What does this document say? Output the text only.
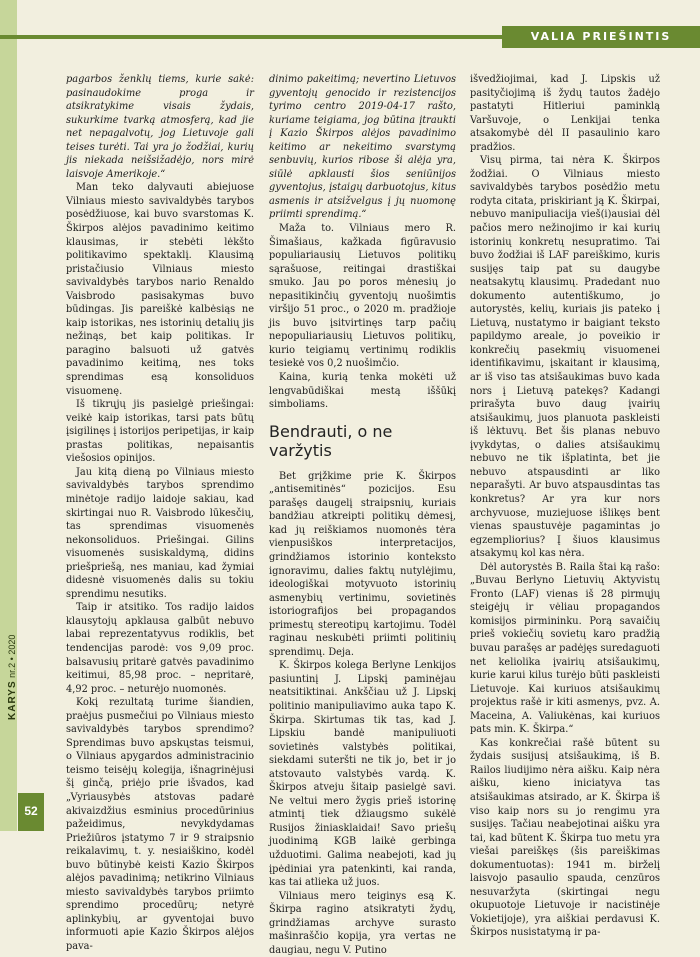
KARYS nr.2 • 2020
VALIA PRIEŠINTIS

pagarbos ženklų tiems, kurie sakė: pasinaudokime proga ir atsikratykime visais žydais, sukurkime tvarką atmosferą, kad jie net nepagalvotų, jog Lietuvoje gali teises turėti. Tai yra jo žodžiai, kurių jis niekada neišsižadėjo, nors mirė laisvoje Amerikoje.“

Man teko dalyvauti abiejuose Vilniaus miesto savivaldybės tarybos posėdžiuose, kai buvo svarstomas K. Škirpos alėjos pavadinimo keitimo klausimas, ir stebėti lėkšto politikavimo spektaklį. Klausimą pristačiusio Vilniaus miesto savivaldybės tarybos nario Renaldo Vaisbrodo pasisakymas buvo būdingas. Jis pareiškė kalbėsiąs ne kaip istorikas, nes istorinių detalių jis nežinąs, bet kaip politikas. Ir paragino balsuoti už gatvės pavadinimo keitimą, nes toks sprendimas esą konsoliduos visuomenę.

Iš tikrųjų jis pasielgė priešingai: veikė kaip istorikas, tarsi pats būtų įsigilinęs į istorijos peripetijas, ir kaip prastas politikas, nepaisantis viešosios opinijos.

Jau kitą dieną po Vilniaus miesto savivaldybės tarybos sprendimo minėtoje radijo laidoje sakiau, kad skirtingai nuo R. Vaisbrodo lūkesčių, tas sprendimas visuomenės nekonsoliduos. Priešingai. Gilins visuomenės susiskaldymą, didins priešpriešą, nes maniau, kad žymiai didesnė visuomenės dalis su tokiu sprendimu nesutiks.

Taip ir atsitiko. Tos radijo laidos klausytojų apklausa galbūt nebuvo labai reprezentatyvus rodiklis, bet tendencijas parodė: vos 9,09 proc. balsavusių pritarė gatvės pavadinimo keitimui, 85,98 proc. – nepritarė, 4,92 proc. – neturėjo nuomonės.

Kokį rezultatą turime šiandien, praėjus pusmečiui po Vilniaus miesto savivaldybės tarybos sprendimo? Sprendimas buvo apskųstas teismui, o Vilniaus apygardos administracinio teismo teisėjų kolegija, išnagrinėjusi šį ginčą, priėjo prie išvados, kad „Vyriausybės atstovas padarė akivaizdžius esminius procedūrinius pažeidimus, nevykdydamas Priežiūros įstatymo 7 ir 9 straipsnio reikalavimų, t. y. nesiaiškino, kodėl buvo būtinybė keisti Kazio Škirpos alėjos pavadinimą; netikrino Vilniaus miesto savivaldybės tarybos priimto sprendimo procedūrų; netyrė aplinkybių, ar gyventojai buvo informuoti apie Kazio Škirpos alėjos pava-

dinimo pakeitimą; nevertino Lietuvos gyventojų genocido ir rezistencijos tyrimo centro 2019-04-17 rašto, kuriame teigiama, jog būtina įtraukti į Kazio Škirpos alėjos pavadinimo keitimo ar nekeitimo svarstymą senbuvių, kurios ribose ši alėja yra, siūlė apklausti šios seniūnijos gyventojus, įstaigų darbuotojus, kitus asmenis ir atsižvelgus į jų nuomonę priimti sprendimą.“

Maža to. Vilniaus mero R. Šimašiaus, kažkada figūravusio populiariausių Lietuvos politikų sąrašuose, reitingai drastiškai smuko. Jau po poros mėnesių jo nepasitikinčių gyventojų nuošimtis viršijo 51 proc., o 2020 m. pradžioje jis buvo įsitvirtinęs tarp pačių nepopuliariausių Lietuvos politikų, kurio teigiamų vertinimų rodiklis tesiekė vos 0,2 nuošimčio.

Kaina, kurią tenka mokėti už lengvabūdiškai mestą iššūkį simboliams.

Bendrauti, o ne varžytis

Bet grįžkime prie K. Škirpos „antisemitinės“ pozicijos. Esu parašęs daugelį straipsnių, kuriais bandžiau atkreipti politikų dėmesį, kad jų reiškiamos nuomonės tėra vienpusiškos interpretacijos, grindžiamos istorinio konteksto ignoravimu, dalies faktų nutylėjimu, ideologiškai motyvuoto istorinių asmenybių vertinimu, sovietinės istoriografijos bei propagandos primestų stereotipų kartojimu. Todėl raginau neskubėti priimti politinių sprendimų. Deja.

K. Škirpos kolega Berlyne Lenkijos pasiuntinį J. Lipskį paminėjau neatsitiktinai. Ankščiau už J. Lipskį politinio manipuliavimo auka tapo K. Škirpa. Skirtumas tik tas, kad J. Lipskiu bandė manipuliuoti sovietinės valstybės politikai, siekdami suteršti ne tik jo, bet ir jo atstovauto valstybės vardą. K. Škirpos atveju šitaip pasielgė savi. Ne veltui mero žygis prieš istorinę atmintį tiek džiaugsmo sukėlė Rusijos žiniasklaidai! Savo priešų juodinimą KGB laikė gerbinga užduotimi. Galima neabejoti, kad jų įpėdiniai yra patenkinti, kai randa, kas tai atlieka už juos.

Vilniaus mero teiginys esą K. Škirpa ragino atsikratyti žydų, grindžiamas archyve surasto mašinraščio kopija, yra vertas ne daugiau, negu V. Putino

išvedžiojimai, kad J. Lipskis už pasityčiojimą iš žydų tautos žadėjo pastatyti Hitleriui paminklą Varšuvoje, o Lenkijai tenka atsakomybė dėl II pasaulinio karo pradžios.

Visų pirma, tai nėra K. Škirpos žodžiai. O Vilniaus miesto savivaldybės tarybos posėdžio metu rodyta citata, priskiriant ją K. Škirpai, nebuvo manipuliacija vieš(i)ausiai dėl pačios mero nežinojimo ir kai kurių istorinių konkretų nesupratimo. Tai buvo žodžiai iš LAF pareiškimo, kuris susijęs taip pat su daugybe neatsakytų klausimų. Pradedant nuo dokumento autentiškumo, jo autorystės, kelių, kuriais jis pateko į Lietuvą, nustatymo ir baigiant teksto papildymo areale, jo poveikio ir konkrečių pasekmių visuomenei identifikavimu, įskaitant ir klausimą, ar iš viso tas atsišaukimas buvo kada nors į Lietuvą patekęs? Kadangi prirašyta buvo daug įvairių atsišaukimų, juos planuota paskleisti iš lėktuvų. Bet šis planas nebuvo įvykdytas, o dalies atsišaukimų nebuvo ne tik išplatinta, bet jie nebuvo atspausdinti ar liko neparašyti. Ar buvo atspausdintas tas konkretus? Ar yra kur nors archyvuose, muziejuose išlikęs bent vienas spaustuvėje pagamintas jo egzempliorius? Į šiuos klausimus atsakymų kol kas nėra.

Dėl autorystės B. Raila štai ką rašo: „Buvau Berlyno Lietuvių Aktyvistų Fronto (LAF) vienas iš 28 pirmųjų steigėjų ir vėliau propagandos komisijos pirmininku. Porą savaičių prieš vokiečių sovietų karo pradžią buvau parašęs ar padėjęs suredaguoti net keliolika įvairių atsišaukimų, kurie karui kilus turėjo būti paskleisti Lietuvoje. Kai kuriuos atsišaukimų projektus rašė ir kiti asmenys, pvz. A. Maceina, A. Valiukėnas, kai kuriuos pats min. K. Škirpa.“

Kas konkrečiai rašė būtent su žydais susijusį atsišaukimą, iš B. Railos liudijimo nėra aišku. Kaip nėra aišku, kieno iniciatyva tas atsišaukimas atsirado, ar K. Škirpa iš viso kaip nors su jo rengimu yra susijęs. Tačiau neabejotinai aišku yra tai, kad būtent K. Škirpa tuo metu yra viešai pareiškęs (šis pareiškimas dokumentuotas): 1941 m. birželį laisvojo pasaulio spauda, cenzūros nesuvaržyta (skirtingai negu okupuotoje Lietuvoje ir nacistinėje Vokietijoje), yra aiškiai perdavusi K. Škirpos nusistatymą ir pa-

52
